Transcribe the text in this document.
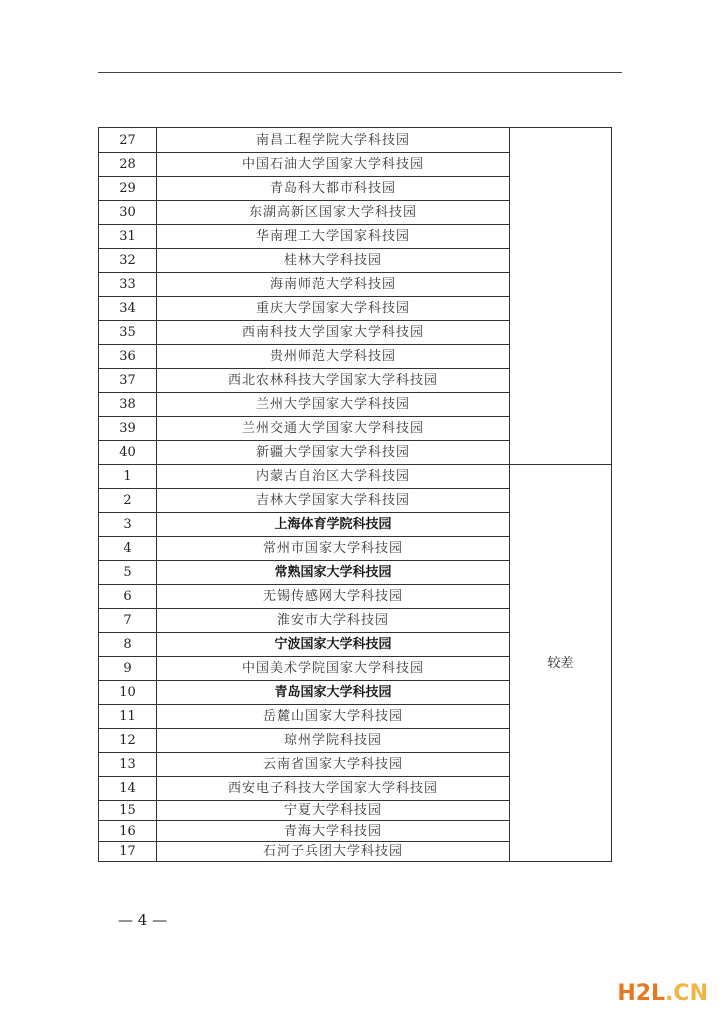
27	南昌工程学院大学科技园	
28	中国石油大学国家大学科技园	
29	青岛科大都市科技园	
30	东湖高新区国家大学科技园	
31	华南理工大学国家科技园	
32	桂林大学科技园	
33	海南师范大学科技园	
34	重庆大学国家大学科技园	
35	西南科技大学国家大学科技园	
36	贵州师范大学科技园	
37	西北农林科技大学国家大学科技园	
38	兰州大学国家大学科技园	
39	兰州交通大学国家大学科技园	
40	新疆大学国家大学科技园	
1	内蒙古自治区大学科技园	较差
2	吉林大学国家大学科技园	
3	上海体育学院科技园	
4	常州市国家大学科技园	
5	常熟国家大学科技园	
6	无锡传感网大学科技园	
7	淮安市大学科技园	
8	宁波国家大学科技园	
9	中国美术学院国家大学科技园	
10	青岛国家大学科技园	
11	岳麓山国家大学科技园	
12	琼州学院科技园	
13	云南省国家大学科技园	
14	西安电子科技大学国家大学科技园	
15	宁夏大学科技园	
16	青海大学科技园	
17	石河子兵团大学科技园	
— 4 —
H2L.CN
